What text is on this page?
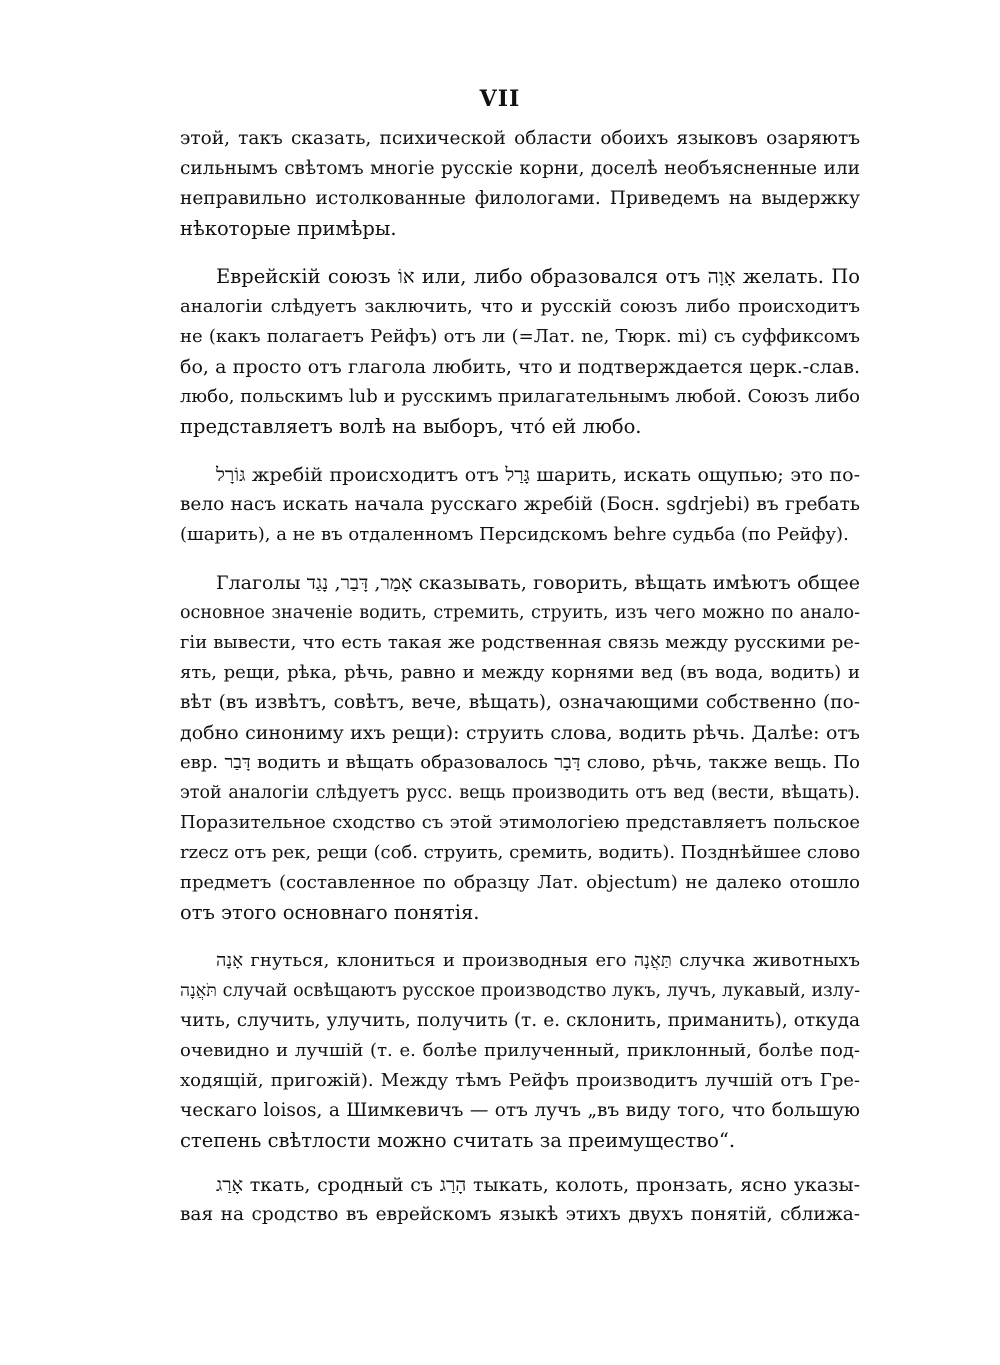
VII
этой, такъ сказать, психической области обоихъ языковъ озаряютъ
сильнымъ свѣтомъ многіе русскіе корни, доселѣ необъясненные или
неправильно истолкованные филологами. Приведемъ на выдержку
нѣкоторые примѣры.
Еврейскій союзъ אוֹ или, либо образовался отъ אָוָה желать. По
аналогіи слѣдуетъ заключить, что и русскій союзъ либо происходитъ
не (какъ полагаетъ Рейфъ) отъ ли (=Лат. ne, Тюрк. mi) съ суффиксомъ
бо, а просто отъ глагола любить, что и подтверждается церк.-слав.
любо, польскимъ lub и русскимъ прилагательнымъ любой. Союзъ либо
представляетъ волѣ на выборъ, что́ ей любо.
גּוֹרָל жребій происходитъ отъ גָּרַל шарить, искать ощупью; это по-
вело насъ искать начала русскаго жребій (Босн. sgdrjebi) въ гребать
(шарить), а не въ отдаленномъ Персидскомъ behre судьба (по Рейфу).
Глаголы אָמַר, דָּבַר, נָגַד сказывать, говорить, вѣщать имѣютъ общее
основное значеніе водить, стремить, струить, изъ чего можно по анало-
гіи вывести, что есть такая же родственная связь между русскими ре-
ять, рещи, рѣка, рѣчь, равно и между корнями вед (въ вода, водить) и
вѣт (въ извѣтъ, совѣтъ, вече, вѣщать), означающими собственно (по-
добно синониму ихъ рещи): струить слова, водить рѣчь. Далѣе: отъ
евр. דָּבַר водить и вѣщать образовалось דָּבָר слово, рѣчь, также вещь. По
этой аналогіи слѣдуетъ русс. вещь производить отъ вед (вести, вѣщать).
Поразительное сходство съ этой этимологіею представляетъ польское
rzecz отъ рек, рещи (соб. струить, сремить, водить). Позднѣйшее слово
предметъ (составленное по образцу Лат. objectum) не далеко отошло
отъ этого основнаго понятія.
אָנָה гнуться, клониться и производныя его תַּאֲנָה случка животныхъ
תֹּאֲנָה случай освѣщаютъ русское производство лукъ, лучъ, лукавый, излу-
чить, случить, улучить, получить (т. е. склонить, приманить), откуда
очевидно и лучшій (т. е. болѣе прилученный, приклонный, болѣе под-
ходящій, пригожій). Между тѣмъ Рейфъ производитъ лучшій отъ Гре-
ческаго loisos, а Шимкевичъ — отъ лучъ „въ виду того, что большую
степень свѣтлости можно считать за преимущество“.
אָרַג ткать, сродный съ הָרַג тыкать, колоть, пронзать, ясно указы-
вая на сродство въ еврейскомъ языкѣ этихъ двухъ понятій, сближа-
